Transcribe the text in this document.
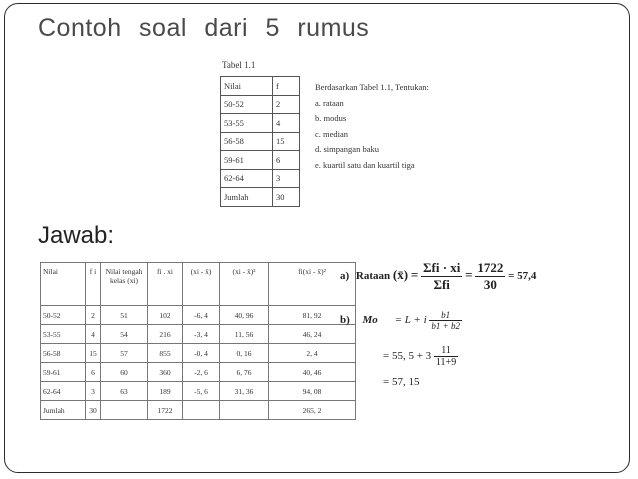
Contoh soal dari 5 rumus
Tabel 1.1
Nilai	f
50-52	2
53-55	4
56-58	15
59-61	6
62-64	3
Jumlah	30
Berdasarkan Tabel 1.1, Tentukan:
a. rataan
b. modus
c. median
d. simpangan baku
e. kuartil satu dan kuartil tiga
Jawab:
Nilai	f i	Nilai tengah kelas (xi)	fi . xi	(xi - x̄)	(xi - x̄)²	fi(xi - x̄)²
50-52	2	51	102	-6, 4	40, 96	81, 92
53-55	4	54	216	-3, 4	11, 56	46, 24
56-58	15	57	855	-0, 4	0, 16	2, 4
59-61	6	60	360	-2, 6	6, 76	40, 46
62-64	3	63	189	-5, 6	31, 36	94, 08
Jumlah	30		1722			265, 2
a) Rataan (x̄) = $\frac{\text{Σfi · xi}}{\text{Σfi}} = \frac{1722}{30} = 57,4$
b) Mo = L + i $\frac{b1}{b1 + b2}$
= 55, $5 + 3 \frac{11}{11+9}$
= 57, 15
